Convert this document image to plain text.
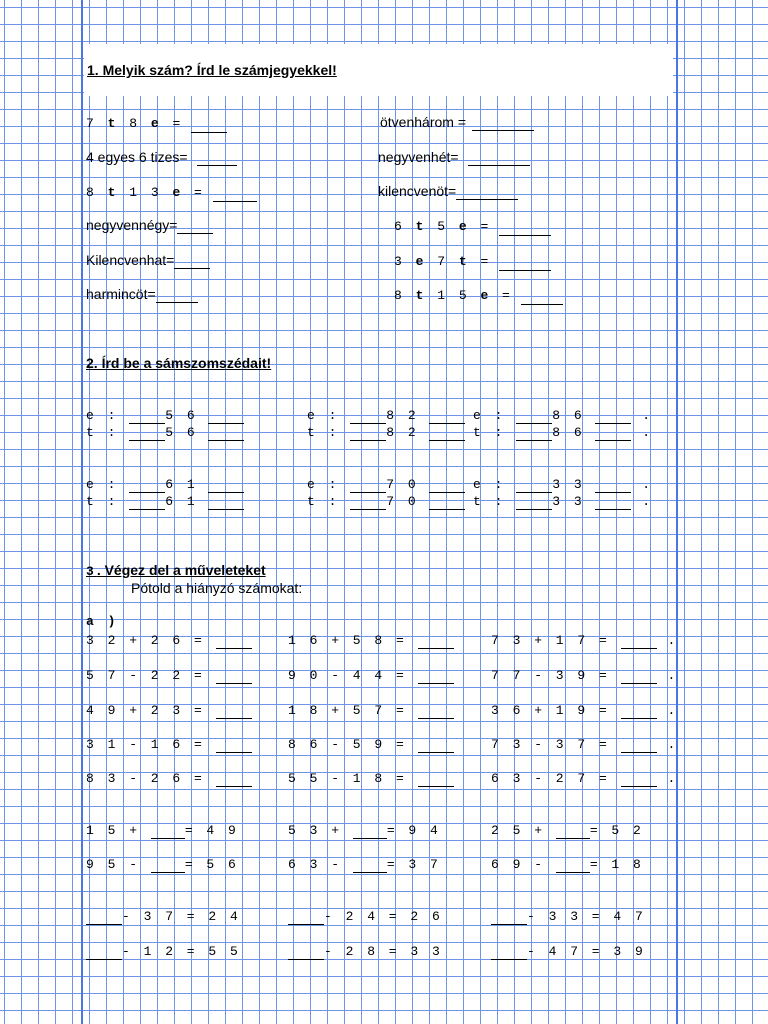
1. Melyik szám? Írd le számjegyekkel!
7 t 8 e =
4 egyes 6 tizes=
8 t 1 3 e =
negyvennégy=
Kilencvenhat=
harmincöt=
ötvenhárom =
negyvenhét=
kilencvenöt=
6 t 5 e =
3 e 7 t =
8 t 1 5 e =
2. Írd be a sámszomszédait!
e :	5 6
t :	5 6
e :	8 2
t :	8 2
e :	8 6	.
t :	8 6	.
e :	6 1
t :	6 1
e :	7 0
t :	7 0
e :	3 3	.
t :	3 3	.
3. Végez del a műveleteket
Pótold a hiányzó számokat:
a )
3 2 + 2 6 =	1 6 + 5 8 =	7 3 + 1 7 =	.
5 7 - 2 2 =	9 0 - 4 4 =	7 7 - 3 9 =	.
4 9 + 2 3 =	1 8 + 5 7 =	3 6 + 1 9 =	.
3 1 - 1 6 =	8 6 - 5 9 =	7 3 - 3 7 =	.
8 3 - 2 6 =	5 5 - 1 8 =	6 3 - 2 7 =	.
1 5 +	= 4 9	5 3 +	= 9 4	2 5 +	= 5 2
9 5 -	= 5 6	6 3 -	= 3 7	6 9 -	= 1 8
- 3 7 = 2 4	- 2 4 = 2 6	- 3 3 = 4 7
- 1 2 = 5 5	- 2 8 = 3 3	- 4 7 = 3 9
